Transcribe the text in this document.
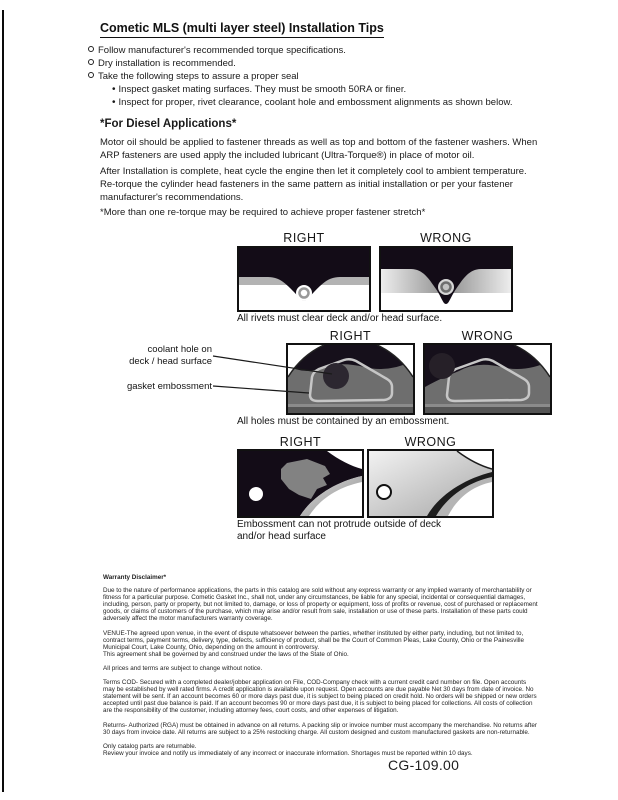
Cometic MLS (multi layer steel) Installation Tips
Follow manufacturer's recommended torque specifications.
Dry installation is recommended.
Take the following steps to assure a proper seal
• Inspect gasket mating surfaces. They must be smooth 50RA or finer.
• Inspect for proper, rivet clearance, coolant hole and embossment alignments as shown below.
*For Diesel Applications*
Motor oil should be applied to fastener threads as well as top and bottom of the fastener washers. When ARP fasteners are used apply the included lubricant (Ultra-Torque®) in place of motor oil.
After Installation is complete, heat cycle the engine then let it completely cool to ambient temperature. Re-torque the cylinder head fasteners in the same pattern as initial installation or per your fastener manufacturer's recommendations.
*More than one re-torque may be required to achieve proper fastener stretch*
RIGHT	WRONG
All rivets must clear deck and/or head surface.
RIGHT	WRONG
coolant hole on
deck / head surface
gasket embossment
All holes must be contained by an embossment.
RIGHT	WRONG
Embossment can not protrude outside of deck
and/or head surface
Warranty Disclaimer*

Due to the nature of performance applications, the parts in this catalog are sold without any express warranty or any implied warranty of merchantability or fitness for a particular purpose. Cometic Gasket Inc., shall not, under any circumstances, be liable for any special, incidental or consequential damages, including, person, party or property, but not limited to, damage, or loss of property or equipment, loss of profits or revenue, cost of purchased or replacement goods, or claims of customers of the purchase, which may arise and/or result from sale, installation or use of these parts. Installation of these parts could adversely affect the motor manufacturers warranty coverage.

VENUE-The agreed upon venue, in the event of dispute whatsoever between the parties, whether instituted by either party, including, but not limited to, contract terms, payment terms, delivery, type, defects, sufficiency of product, shall be the Court of Common Pleas, Lake County, Ohio or the Painesville Municipal Court, Lake County, Ohio, depending on the amount in controversy.

This agreement shall be governed by and construed under the laws of the State of Ohio.

All prices and terms are subject to change without notice.

Terms COD- Secured with a completed dealer/jobber application on File, COD-Company check with a current credit card number on file. Open accounts may be established by well rated firms. A credit application is available upon request. Open accounts are due payable Net 30 days from date of invoice. No statement will be sent. If an account becomes 60 or more days past due, it is subject to being placed on credit hold. No orders will be shipped or new orders accepted until past due balance is paid. If an account becomes 90 or more days past due, it is subject to being placed for collections. All costs of collection are the responsibility of the customer, including attorney fees, court costs, and other expenses of litigation.

Returns- Authorized (RGA) must be obtained in advance on all returns. A packing slip or invoice number must accompany the merchandise. No returns after 30 days from invoice date. All returns are subject to a 25% restocking charge. All custom designed and custom manufactured gaskets are non-returnable.

Only catalog parts are returnable.

Review your invoice and notify us immediately of any incorrect or inaccurate information. Shortages must be reported within 10 days.

CG-109.00
